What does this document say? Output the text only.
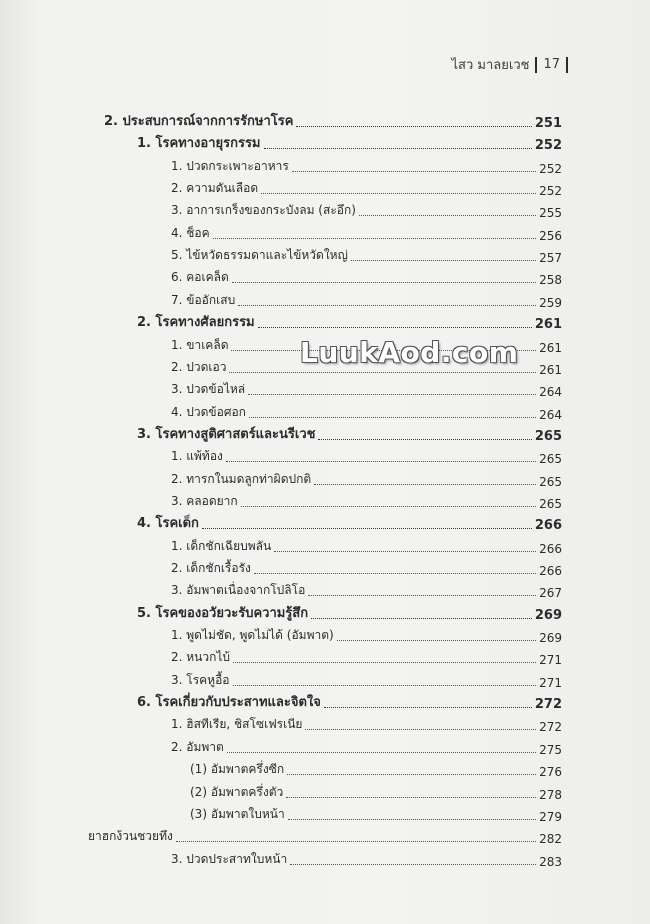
ไสว มาลยเวช 17
2. ประสบการณ์จากการรักษาโรค	251
1. โรคทางอายุรกรรม	252
1. ปวดกระเพาะอาหาร	252
2. ความดันเลือด	252
3. อาการเกร็งของกระบังลม (สะอึก)	255
4. ช็อค	256
5. ไข้หวัดธรรมดาและไข้หวัดใหญ่	257
6. คอเคล็ด	258
7. ข้ออักเสบ	259
2. โรคทางศัลยกรรม	261
1. ขาเคล็ด	261
2. ปวดเอว	261
3. ปวดข้อไหล่	264
4. ปวดข้อศอก	264
3. โรคทางสูติศาสตร์และนรีเวช	265
1. แพ้ท้อง	265
2. ทารกในมดลูกท่าผิดปกติ	265
3. คลอดยาก	265
4. โรคเด็ก	266
1. เด็กชักเฉียบพลัน	266
2. เด็กชักเรื้อรัง	266
3. อัมพาตเนื่องจากโปลิโอ	267
5. โรคของอวัยวะรับความรู้สึก	269
1. พูดไม่ชัด, พูดไม่ได้ (อัมพาต)	269
2. หนวกไบ้	271
3. โรคหูอื้อ	271
6. โรคเกี่ยวกับประสาทและจิตใจ	272
1. ฮิสทีเรีย, ชิสโซเฟรเนีย	272
2. อัมพาต	275
(1) อัมพาตครึ่งซีก	276
(2) อัมพาตครึ่งตัว	278
(3) อัมพาตใบหน้า	279
ยาฮกง้วนชวยทึง	282
3. ปวดประสาทใบหน้า	283
LuukAod.com
